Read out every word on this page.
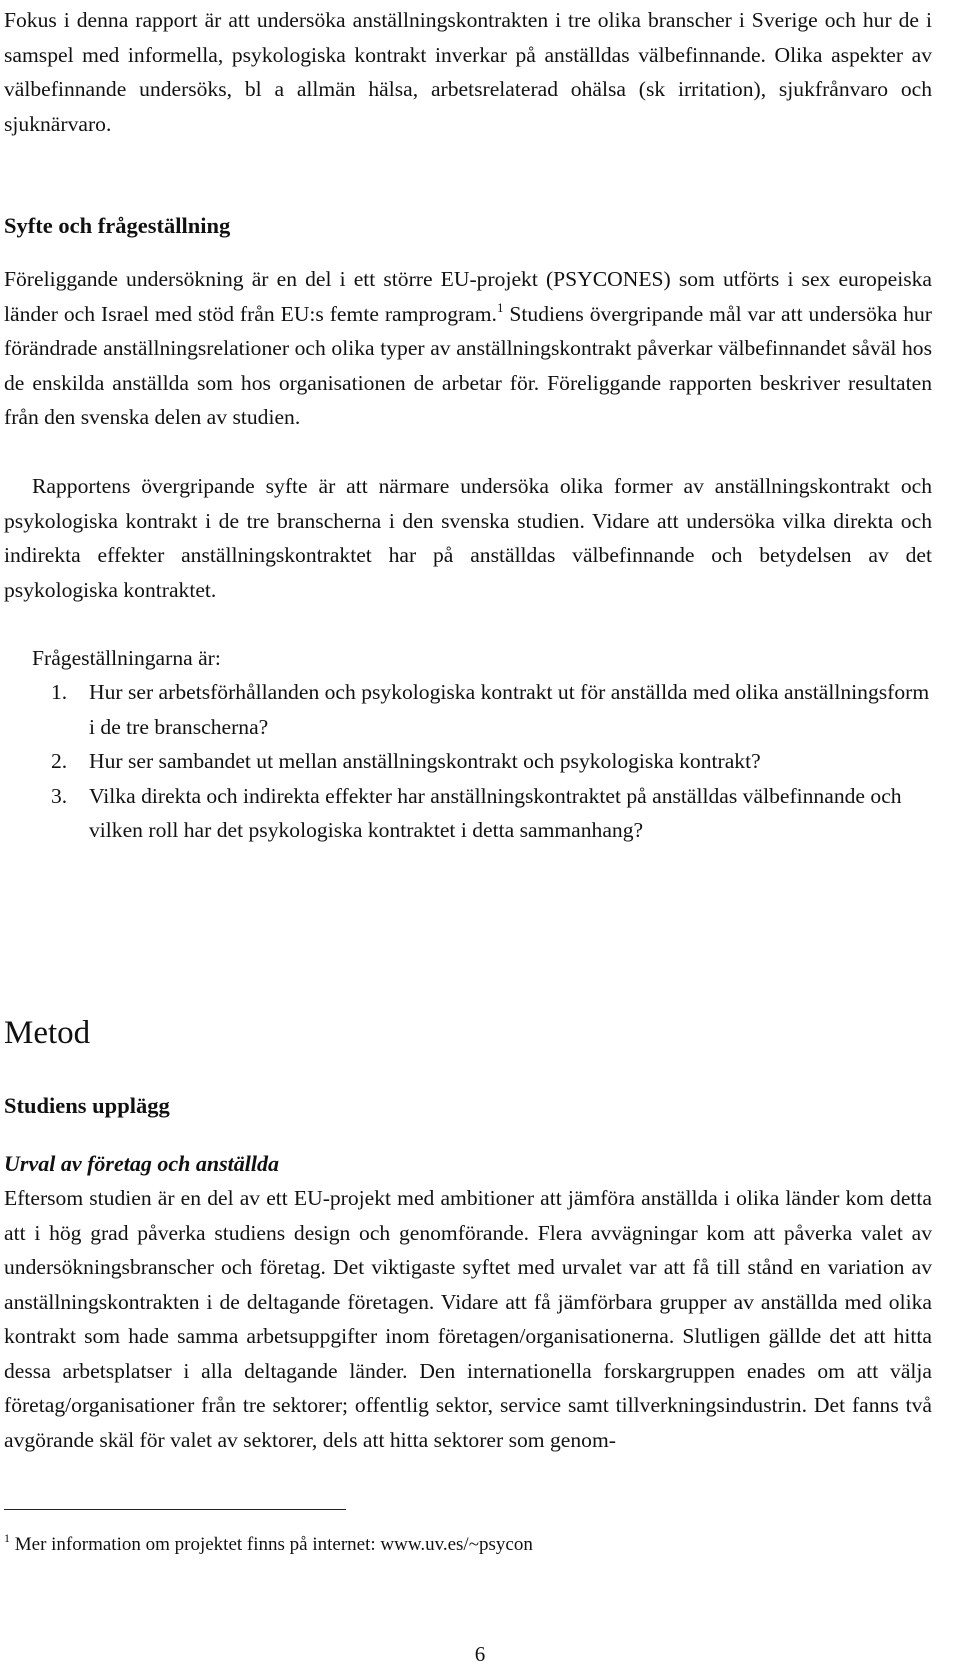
Fokus i denna rapport är att undersöka anställningskontrakten i tre olika branscher i Sverige och hur de i samspel med informella, psykologiska kontrakt inverkar på anställdas välbefinnande. Olika aspekter av välbefinnande undersöks, bl a allmän hälsa, arbetsrelaterad ohälsa (sk irritation), sjukfrånvaro och sjuknärvaro.

Syfte och frågeställning

Föreliggande undersökning är en del i ett större EU-projekt (PSYCONES) som utförts i sex europeiska länder och Israel med stöd från EU:s femte ramprogram.$^1$ Studiens övergripande mål var att undersöka hur förändrade anställningsrelationer och olika typer av anställningskontrakt påverkar välbefinnandet såväl hos de enskilda anställda som hos organisationen de arbetar för. Föreliggande rapporten beskriver resultaten från den svenska delen av studien.

Rapportens övergripande syfte är att närmare undersöka olika former av anställningskontrakt och psykologiska kontrakt i de tre branscherna i den svenska studien. Vidare att undersöka vilka direkta och indirekta effekter anställningskontraktet har på anställdas välbefinnande och betydelsen av det psykologiska kontraktet.

Frågeställningarna är:

1. Hur ser arbetsförhållanden och psykologiska kontrakt ut för anställda med olika anställningsform i de tre branscherna?
2. Hur ser sambandet ut mellan anställningskontrakt och psykologiska kontrakt?
3. Vilka direkta och indirekta effekter har anställningskontraktet på anställdas välbefinnande och vilken roll har det psykologiska kontraktet i detta sammanhang?
Metod
Studiens upplägg
Urval av företag och anställda

Eftersom studien är en del av ett EU-projekt med ambitioner att jämföra anställda i olika länder kom detta att i hög grad påverka studiens design och genomförande. Flera avvägningar kom att påverka valet av undersökningsbranscher och företag. Det viktigaste syftet med urvalet var att få till stånd en variation av anställningskontrakten i de deltagande företagen. Vidare att få jämförbara grupper av anställda med olika kontrakt som hade samma arbetsuppgifter inom företagen/organisationerna. Slutligen gällde det att hitta dessa arbetsplatser i alla deltagande länder. Den internationella forskargruppen enades om att välja företag/organisationer från tre sektorer; offentlig sektor, service samt tillverkningsindustrin. Det fanns två avgörande skäl för valet av sektorer, dels att hitta sektorer som genom-

$^1$ Mer information om projektet finns på internet: www.uv.es/~psycon

6
